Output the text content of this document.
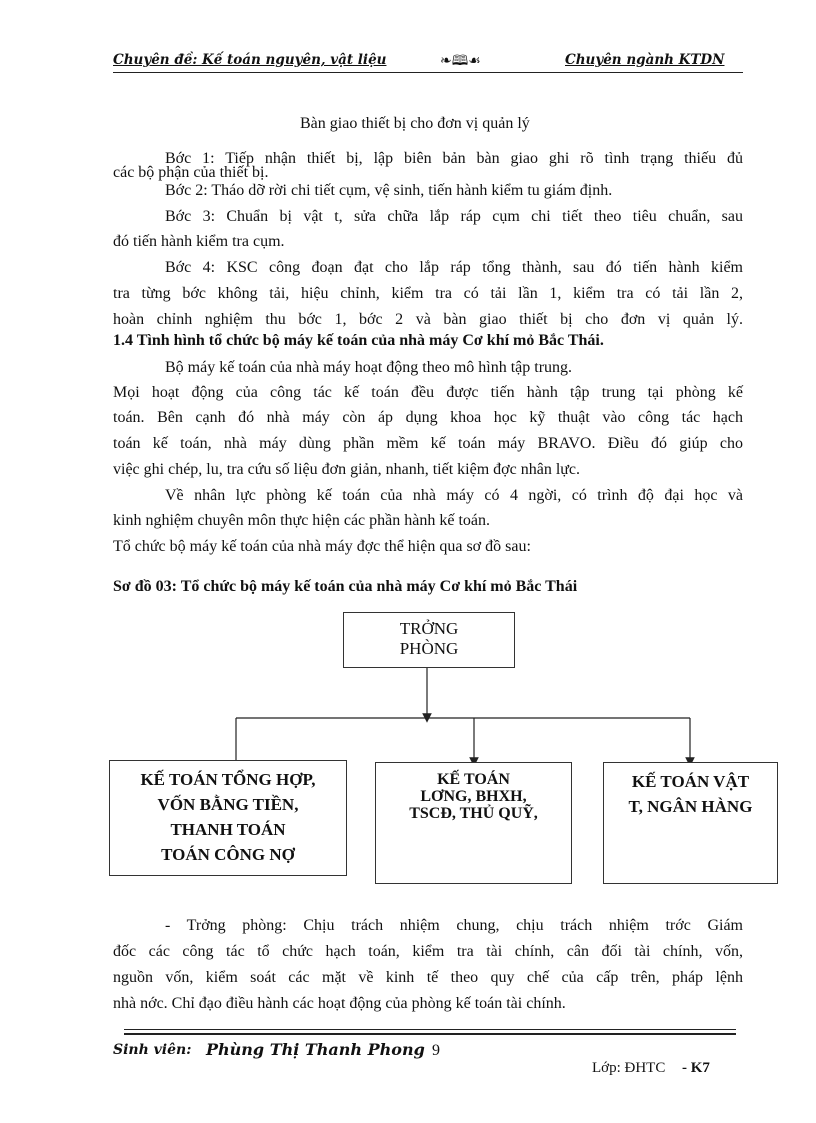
Chuyên đề: Kế toán nguyên, vật liệu	❧🕮☙	Chuyên ngành KTDN
Bàn giao thiết bị cho đơn vị quản lý
Bớc 1: Tiếp nhận thiết bị, lập biên bản bàn giao ghi rõ tình trạng thiếu đủ
các bộ phận của thiết bị.
Bớc 2: Tháo dỡ rời chi tiết cụm, vệ sinh, tiến hành kiểm tu giám định.
Bớc 3: Chuẩn bị vật t, sửa chữa lắp ráp cụm chi tiết theo tiêu chuẩn, sau
đó tiến hành kiểm tra cụm.
Bớc 4: KSC công đoạn đạt cho lắp ráp tổng thành, sau đó tiến hành kiểm
tra từng bớc không tải, hiệu chỉnh, kiểm tra có tải lần 1, kiểm tra có tải lần 2,
hoàn chỉnh nghiệm thu bớc 1, bớc 2 và bàn giao thiết bị cho đơn vị quản lý.
1.4 Tình hình tổ chức bộ máy kế toán của nhà máy Cơ khí mỏ Bắc Thái.
Bộ máy kế toán của nhà máy hoạt động theo mô hình tập trung.
Mọi hoạt động của công tác kế toán đều được tiến hành tập trung tại phòng kế
toán. Bên cạnh đó nhà máy còn áp dụng khoa học kỹ thuật vào công tác hạch
toán kế toán, nhà máy dùng phần mềm kế toán máy BRAVO. Điều đó giúp cho
việc ghi chép, lu, tra cứu số liệu đơn giản, nhanh, tiết kiệm đợc nhân lực.
Về nhân lực phòng kế toán của nhà máy có 4 ngời, có trình độ đại học và
kinh nghiệm chuyên môn thực hiện các phần hành kế toán.
Tổ chức bộ máy kế toán của nhà máy đợc thể hiện qua sơ đồ sau:
Sơ đồ 03: Tổ chức bộ máy kế toán của nhà máy Cơ khí mỏ Bắc Thái
TRỞNG
PHÒNG
KẾ TOÁN TỔNG HỢP,
VỐN BẰNG TIỀN,
THANH TOÁN
TOÁN CÔNG NỢ
KẾ TOÁN
LƠNG, BHXH,
TSCĐ, THỦ QUỸ,
KẾ TOÁN VẬT
T, NGÂN HÀNG
- Trởng phòng: Chịu trách nhiệm chung, chịu trách nhiệm trớc Giám
đốc các công tác tổ chức hạch toán, kiểm tra tài chính, cân đối tài chính, vốn,
nguồn vốn, kiểm soát các mặt về kinh tế theo quy chế của cấp trên, pháp lệnh
nhà nớc. Chỉ đạo điều hành các hoạt động của phòng kế toán tài chính.
Sinh viên: Phùng Thị Thanh Phong 9
Lớp: ĐHTC - K7
